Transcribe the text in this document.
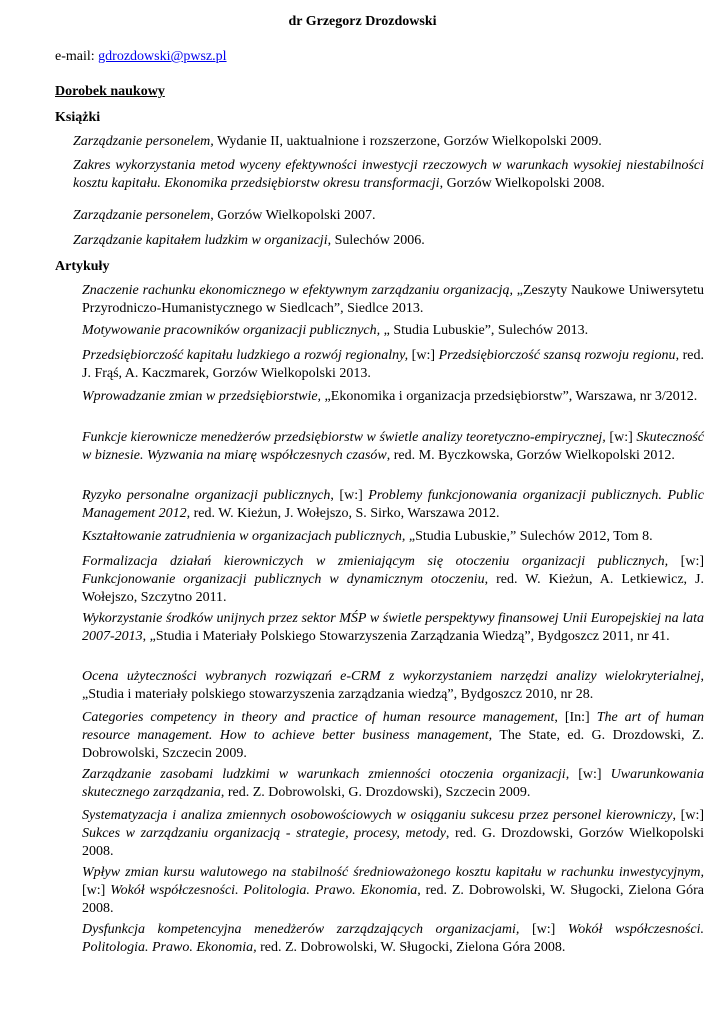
dr Grzegorz Drozdowski
e-mail: gdrozdowski@pwsz.pl
Dorobek naukowy
Książki
Zarządzanie personelem, Wydanie II, uaktualnione i rozszerzone, Gorzów Wielkopolski 2009.
Zakres wykorzystania metod wyceny efektywności inwestycji rzeczowych w warunkach wysokiej niestabilności kosztu kapitału. Ekonomika przedsiębiorstw okresu transformacji, Gorzów Wielkopolski 2008.
Zarządzanie personelem, Gorzów Wielkopolski 2007.
Zarządzanie kapitałem ludzkim w organizacji, Sulechów 2006.
Artykuły
Znaczenie rachunku ekonomicznego w efektywnym zarządzaniu organizacją, „Zeszyty Naukowe Uniwersytetu Przyrodniczo-Humanistycznego w Siedlcach”, Siedlce 2013.
Motywowanie pracowników organizacji publicznych, „ Studia Lubuskie”, Sulechów 2013.
Przedsiębiorczość kapitału ludzkiego a rozwój regionalny, [w:] Przedsiębiorczość szansą rozwoju regionu, red. J. Frąś, A. Kaczmarek, Gorzów Wielkopolski 2013.
Wprowadzanie zmian w przedsiębiorstwie, „Ekonomika i organizacja przedsiębiorstw”, Warszawa, nr 3/2012.
Funkcje kierownicze menedżerów przedsiębiorstw w świetle analizy teoretyczno-empirycznej, [w:] Skuteczność w biznesie. Wyzwania na miarę współczesnych czasów, red. M. Byczkowska, Gorzów Wielkopolski 2012.
Ryzyko personalne organizacji publicznych, [w:] Problemy funkcjonowania organizacji publicznych. Public Management 2012, red. W. Kieżun, J. Wołejszo, S. Sirko, Warszawa 2012.
Kształtowanie zatrudnienia w organizacjach publicznych, „Studia Lubuskie,” Sulechów 2012, Tom 8.
Formalizacja działań kierowniczych w zmieniającym się otoczeniu organizacji publicznych, [w:] Funkcjonowanie organizacji publicznych w dynamicznym otoczeniu, red. W. Kieżun, A. Letkiewicz, J. Wołejszo, Szczytno 2011.
Wykorzystanie środków unijnych przez sektor MŚP w świetle perspektywy finansowej Unii Europejskiej na lata 2007-2013, „Studia i Materiały Polskiego Stowarzyszenia Zarządzania Wiedzą”, Bydgoszcz 2011, nr 41.
Ocena użyteczności wybranych rozwiązań e-CRM z wykorzystaniem narzędzi analizy wielokryterialnej, „Studia i materiały polskiego stowarzyszenia zarządzania wiedzą”, Bydgoszcz 2010, nr 28.
Categories competency in theory and practice of human resource management, [In:] The art of human resource management. How to achieve better business management, The State, ed. G. Drozdowski, Z. Dobrowolski, Szczecin 2009.
Zarządzanie zasobami ludzkimi w warunkach zmienności otoczenia organizacji, [w:] Uwarunkowania skutecznego zarządzania, red. Z. Dobrowolski, G. Drozdowski), Szczecin 2009.
Systematyzacja i analiza zmiennych osobowościowych w osiąganiu sukcesu przez personel kierowniczy, [w:] Sukces w zarządzaniu organizacją - strategie, procesy, metody, red. G. Drozdowski, Gorzów Wielkopolski 2008.
Wpływ zmian kursu walutowego na stabilność średnioważonego kosztu kapitału w rachunku inwestycyjnym, [w:] Wokół współczesności. Politologia. Prawo. Ekonomia, red. Z. Dobrowolski, W. Sługocki, Zielona Góra 2008.
Dysfunkcja kompetencyjna menedżerów zarządzających organizacjami, [w:] Wokół współczesności. Politologia. Prawo. Ekonomia, red. Z. Dobrowolski, W. Sługocki, Zielona Góra 2008.
